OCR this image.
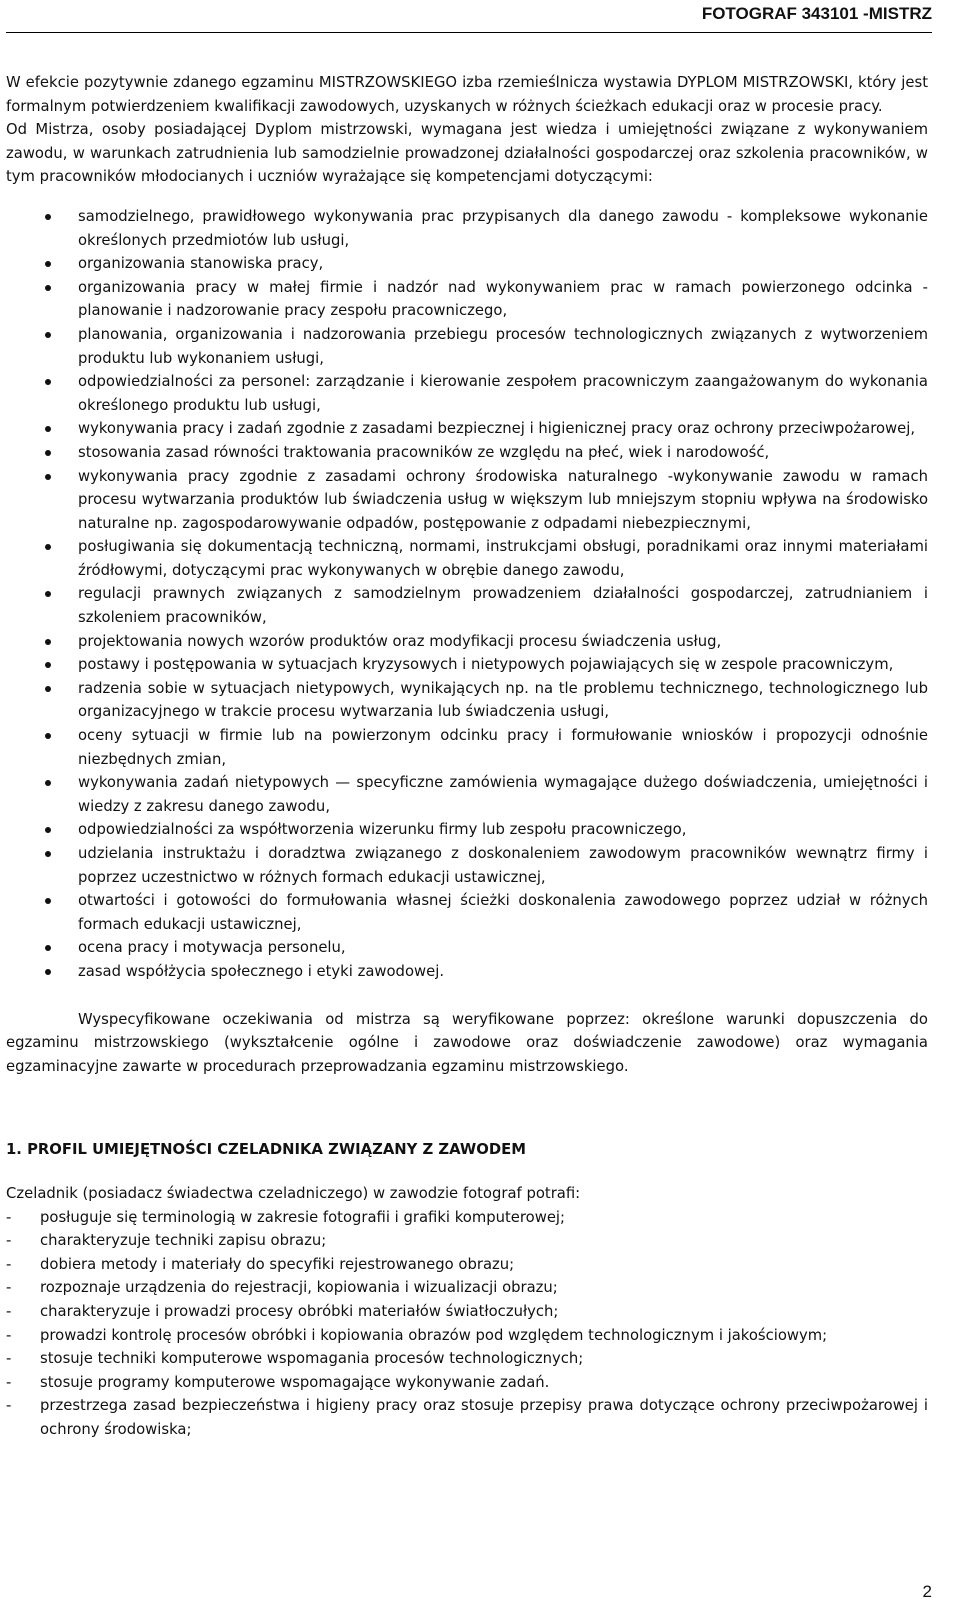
FOTOGRAF 343101 -MISTRZ

W efekcie pozytywnie zdanego egzaminu MISTRZOWSKIEGO izba rzemieślnicza wystawia DYPLOM MISTRZOWSKI, który jest formalnym potwierdzeniem kwalifikacji zawodowych, uzyskanych w różnych ścieżkach edukacji oraz w procesie pracy.

Od Mistrza, osoby posiadającej Dyplom mistrzowski, wymagana jest wiedza i umiejętności związane z wykonywaniem zawodu, w warunkach zatrudnienia lub samodzielnie prowadzonej działalności gospodarczej oraz szkolenia pracowników, w tym pracowników młodocianych i uczniów wyrażające się kompetencjami dotyczącymi:

samodzielnego, prawidłowego wykonywania prac przypisanych dla danego zawodu - kompleksowe wykonanie określonych przedmiotów lub usługi,
organizowania stanowiska pracy,
organizowania pracy w małej firmie i nadzór nad wykonywaniem prac w ramach powierzonego odcinka - planowanie i nadzorowanie pracy zespołu pracowniczego,
planowania, organizowania i nadzorowania przebiegu procesów technologicznych związanych z wytworzeniem produktu lub wykonaniem usługi,
odpowiedzialności za personel: zarządzanie i kierowanie zespołem pracowniczym zaangażowanym do wykonania określonego produktu lub usługi,
wykonywania pracy i zadań zgodnie z zasadami bezpiecznej i higienicznej pracy oraz ochrony przeciwpożarowej,
stosowania zasad równości traktowania pracowników ze względu na płeć, wiek i narodowość,
wykonywania pracy zgodnie z zasadami ochrony środowiska naturalnego -wykonywanie zawodu w ramach procesu wytwarzania produktów lub świadczenia usług w większym lub mniejszym stopniu wpływa na środowisko naturalne np. zagospodarowywanie odpadów, postępowanie z odpadami niebezpiecznymi,
posługiwania się dokumentacją techniczną, normami, instrukcjami obsługi, poradnikami oraz innymi materiałami źródłowymi, dotyczącymi prac wykonywanych w obrębie danego zawodu,
regulacji prawnych związanych z samodzielnym prowadzeniem działalności gospodarczej, zatrudnianiem i szkoleniem pracowników,
projektowania nowych wzorów produktów oraz modyfikacji procesu świadczenia usług,
postawy i postępowania w sytuacjach kryzysowych i nietypowych pojawiających się w zespole pracowniczym,
radzenia sobie w sytuacjach nietypowych, wynikających np. na tle problemu technicznego, technologicznego lub organizacyjnego w trakcie procesu wytwarzania lub świadczenia usługi,
oceny sytuacji w firmie lub na powierzonym odcinku pracy i formułowanie wniosków i propozycji odnośnie niezbędnych zmian,
wykonywania zadań nietypowych — specyficzne zamówienia wymagające dużego doświadczenia, umiejętności i wiedzy z zakresu danego zawodu,
odpowiedzialności za współtworzenia wizerunku firmy lub zespołu pracowniczego,
udzielania instruktażu i doradztwa związanego z doskonaleniem zawodowym pracowników wewnątrz firmy i poprzez uczestnictwo w różnych formach edukacji ustawicznej,
otwartości i gotowości do formułowania własnej ścieżki doskonalenia zawodowego poprzez udział w różnych formach edukacji ustawicznej,
ocena pracy i motywacja personelu,
zasad współżycia społecznego i etyki zawodowej.

Wyspecyfikowane oczekiwania od mistrza są weryfikowane poprzez: określone warunki dopuszczenia do egzaminu mistrzowskiego (wykształcenie ogólne i zawodowe oraz doświadczenie zawodowe) oraz wymagania egzaminacyjne zawarte w procedurach przeprowadzania egzaminu mistrzowskiego.

1. PROFIL UMIEJĘTNOŚCI CZELADNIKA ZWIĄZANY Z ZAWODEM

Czeladnik (posiadacz świadectwa czeladniczego) w zawodzie fotograf potrafi:

- posługuje się terminologią w zakresie fotografii i grafiki komputerowej;
- charakteryzuje techniki zapisu obrazu;
- dobiera metody i materiały do specyfiki rejestrowanego obrazu;
- rozpoznaje urządzenia do rejestracji, kopiowania i wizualizacji obrazu;
- charakteryzuje i prowadzi procesy obróbki materiałów światłoczułych;
- prowadzi kontrolę procesów obróbki i kopiowania obrazów pod względem technologicznym i jakościowym;
- stosuje techniki komputerowe wspomagania procesów technologicznych;
- stosuje programy komputerowe wspomagające wykonywanie zadań.
- przestrzega zasad bezpieczeństwa i higieny pracy oraz stosuje przepisy prawa dotyczące ochrony przeciwpożarowej i ochrony środowiska;
2
